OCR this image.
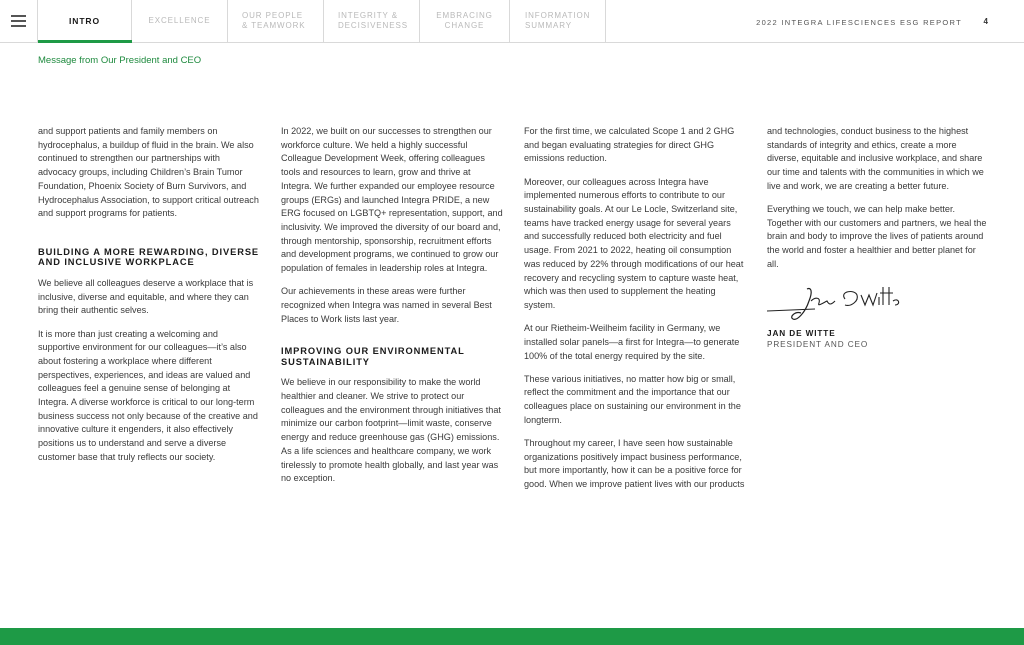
INTRO	EXCELLENCE
OUR PEOPLE & TEAMWORK
INTEGRITY & DECISIVENESS
EMBRACING CHANGE
INFORMATION SUMMARY	2022 INTEGRA LIFESCIENCES ESG REPORT	4
Message from Our President and CEO

and support patients and family members on hydrocephalus, a buildup of fluid in the brain. We also continued to strengthen our partnerships with advocacy groups, including Children’s Brain Tumor Foundation, Phoenix Society of Burn Survivors, and Hydrocephalus Association, to support critical outreach and support programs for patients.

BUILDING A MORE REWARDING, DIVERSE AND INCLUSIVE WORKPLACE

We believe all colleagues deserve a workplace that is inclusive, diverse and equitable, and where they can bring their authentic selves.

It is more than just creating a welcoming and supportive environment for our colleagues—it’s also about fostering a workplace where different perspectives, experiences, and ideas are valued and colleagues feel a genuine sense of belonging at Integra. A diverse workforce is critical to our long-term business success not only because of the creative and innovative culture it engenders, it also effectively positions us to understand and serve a diverse customer base that truly reflects our society.

In 2022, we built on our successes to strengthen our workforce culture. We held a highly successful Colleague Development Week, offering colleagues tools and resources to learn, grow and thrive at Integra. We further expanded our employee resource groups (ERGs) and launched Integra PRIDE, a new ERG focused on LGBTQ+ representation, support, and inclusivity. We improved the diversity of our board and, through mentorship, sponsorship, recruitment efforts and development programs, we continued to grow our population of females in leadership roles at Integra.

Our achievements in these areas were further recognized when Integra was named in several Best Places to Work lists last year.

IMPROVING OUR ENVIRONMENTAL SUSTAINABILITY

We believe in our responsibility to make the world healthier and cleaner. We strive to protect our colleagues and the environment through initiatives that minimize our carbon footprint—limit waste, conserve energy and reduce greenhouse gas (GHG) emissions. As a life sciences and healthcare company, we work tirelessly to promote health globally, and last year was no exception.

For the first time, we calculated Scope 1 and 2 GHG and began evaluating strategies for direct GHG emissions reduction.

Moreover, our colleagues across Integra have implemented numerous efforts to contribute to our sustainability goals. At our Le Locle, Switzerland site, teams have tracked energy usage for several years and successfully reduced both electricity and fuel usage. From 2021 to 2022, heating oil consumption was reduced by 22% through modifications of our heat recovery and recycling system to capture waste heat, which was then used to supplement the heating system.

At our Rietheim-Weilheim facility in Germany, we installed solar panels—a first for Integra—to generate 100% of the total energy required by the site.

These various initiatives, no matter how big or small, reflect the commitment and the importance that our colleagues place on sustaining our environment in the longterm.

Throughout my career, I have seen how sustainable organizations positively impact business performance, but more importantly, how it can be a positive force for good. When we improve patient lives with our products

and technologies, conduct business to the highest standards of integrity and ethics, create a more diverse, equitable and inclusive workplace, and share our time and talents with the communities in which we live and work, we are creating a better future.

Everything we touch, we can help make better. Together with our customers and partners, we heal the brain and body to improve the lives of patients around the world and foster a healthier and better planet for all.

JAN DE WITTE
PRESIDENT AND CEO
